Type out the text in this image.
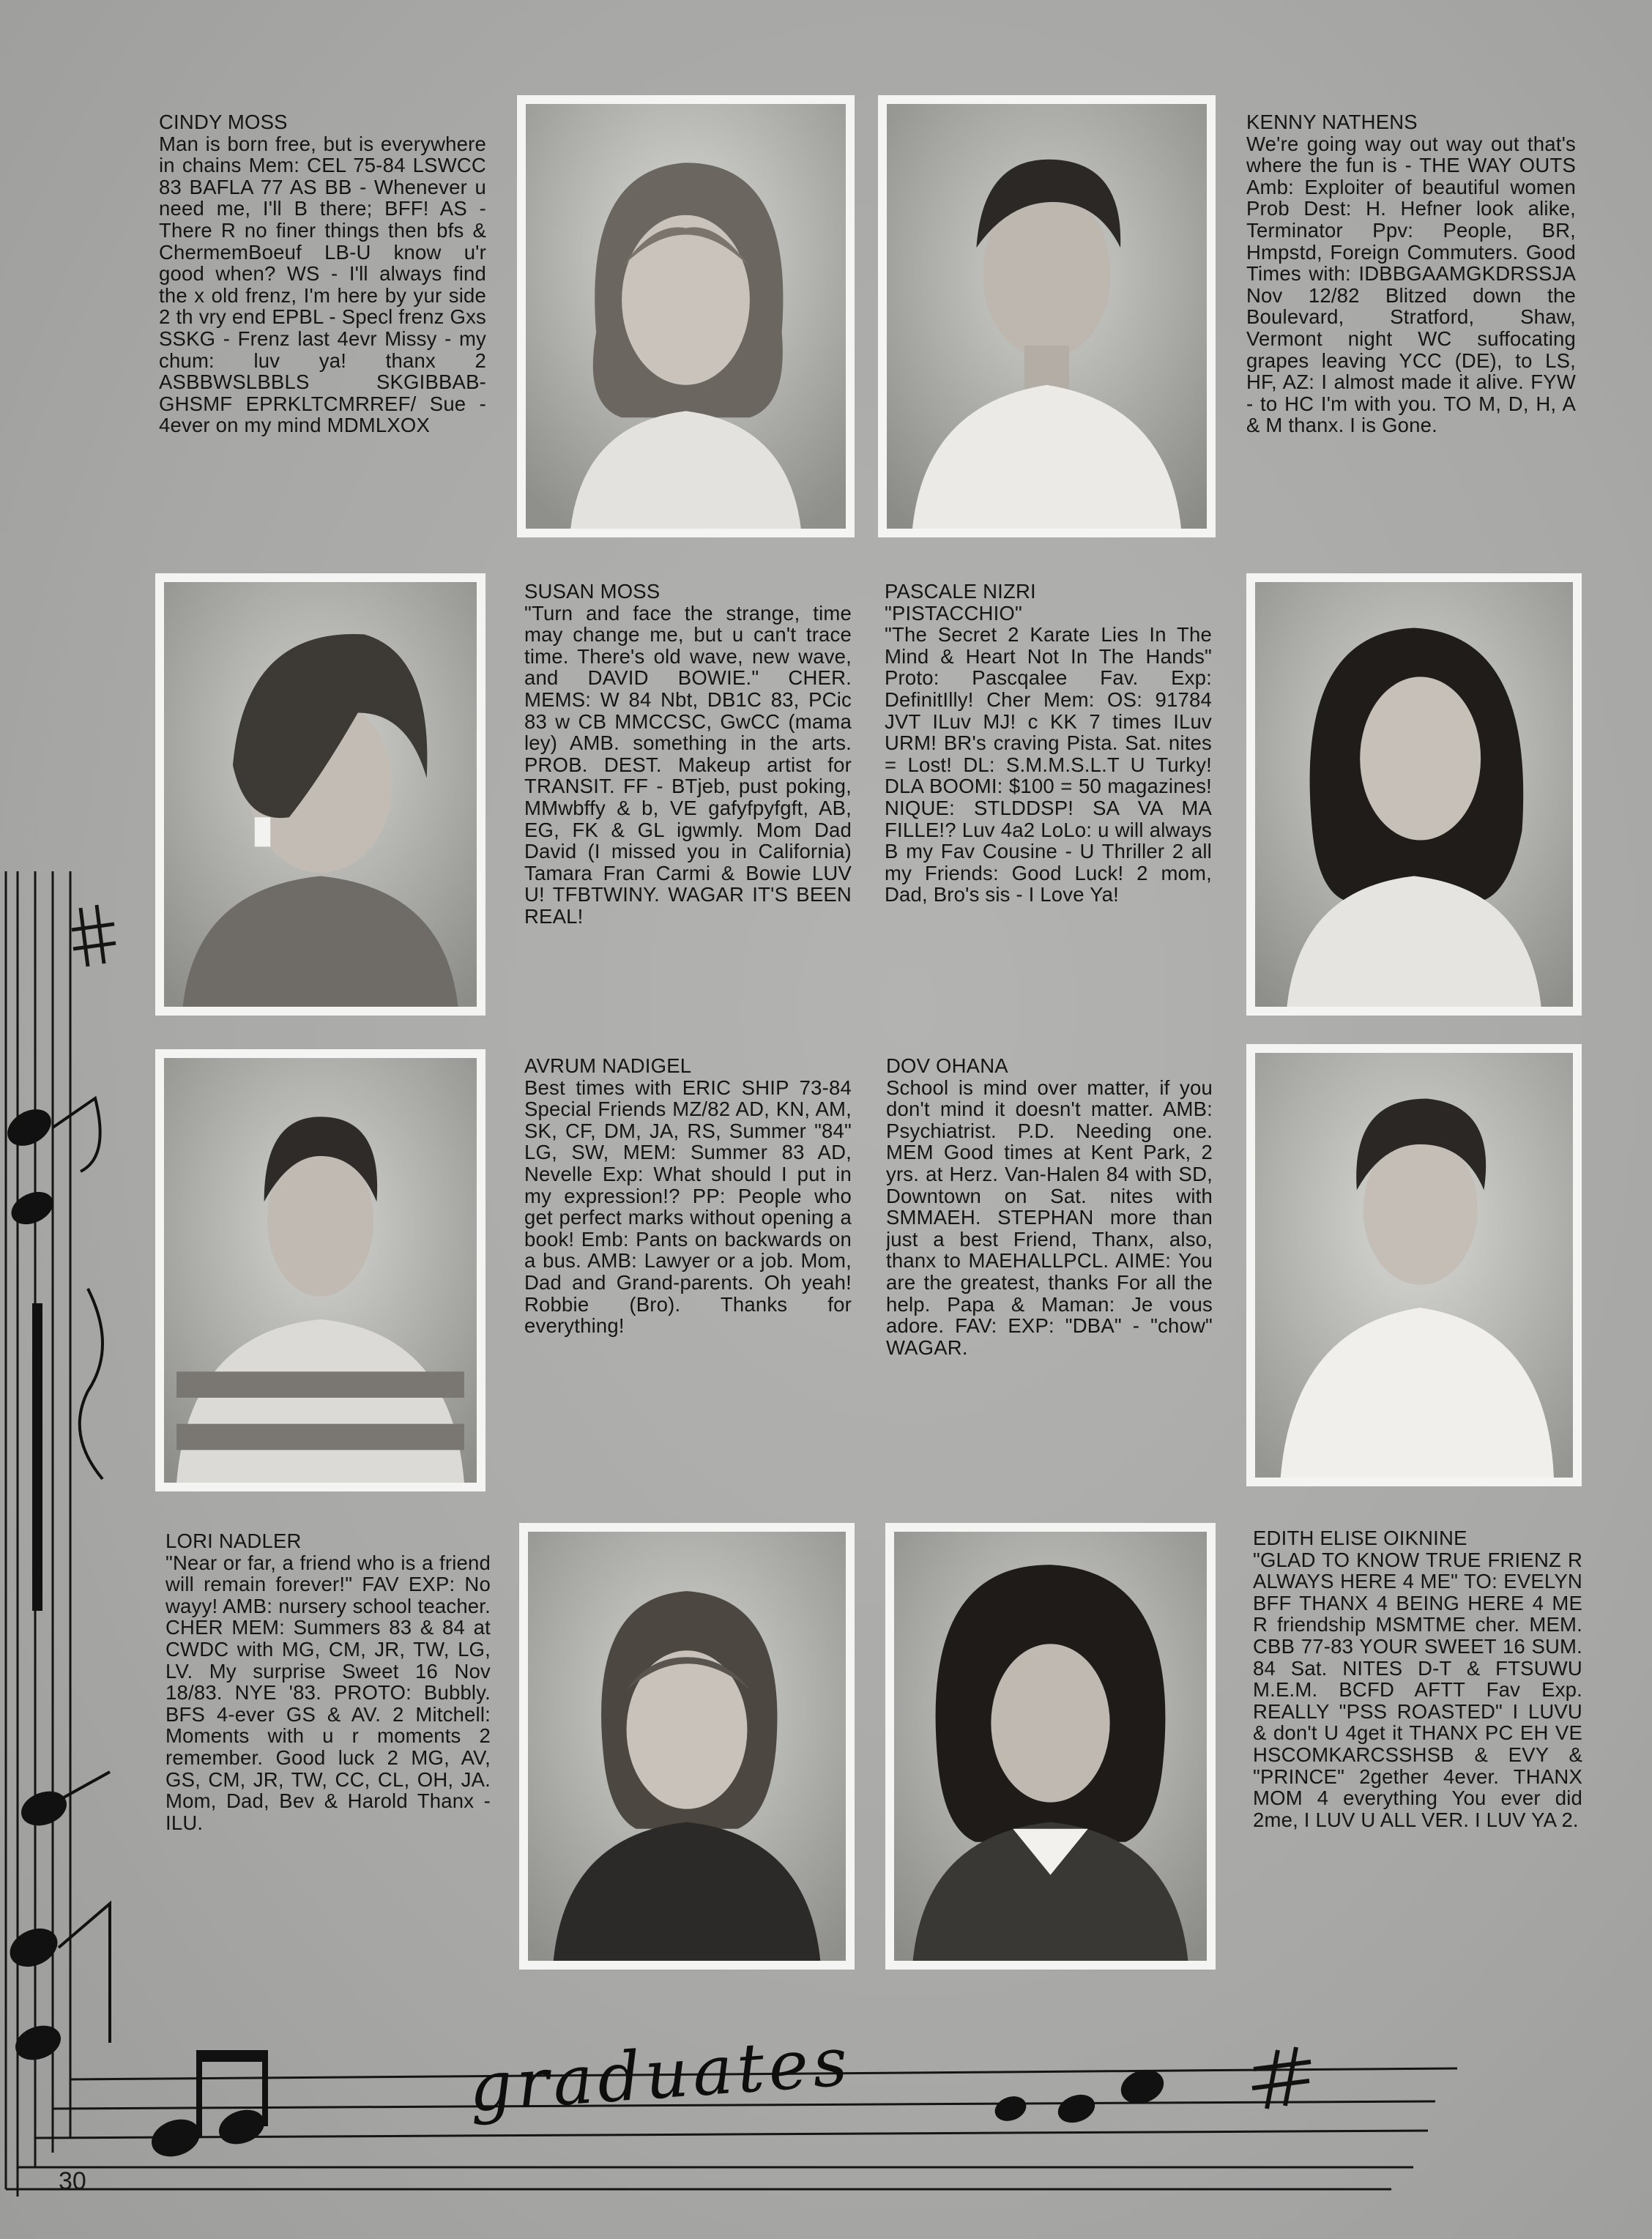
CINDY MOSS
Man is born free, but is everywhere in chains Mem: CEL 75-84 LSWCC 83 BAFLA 77 AS BB - Whenever u need me, I'll B there; BFF! AS - There R no finer things then bfs & ChermemBoeuf LB-U know u'r good when? WS - I'll always find the x old frenz, I'm here by yur side 2 th vry end EPBL - Specl frenz Gxs SSKG - Frenz last 4evr Missy - my chum: luv ya! thanx 2 ASBBWSLBBLS SKGIBBAB-GHSMF EPRKLTCMRREF/ Sue - 4ever on my mind MDMLXOX
KENNY NATHENS
We're going way out way out that's where the fun is - THE WAY OUTS Amb: Exploiter of beautiful women Prob Dest: H. Hefner look alike, Terminator Ppv: People, BR, Hmpstd, Foreign Commuters. Good Times with: IDBBGAAMGKDRSSJA Nov 12/82 Blitzed down the Boulevard, Stratford, Shaw, Vermont night WC suffocating grapes leaving YCC (DE), to LS, HF, AZ: I almost made it alive. FYW - to HC I'm with you. TO M, D, H, A & M thanx. I is Gone.
SUSAN MOSS
"Turn and face the strange, time may change me, but u can't trace time. There's old wave, new wave, and DAVID BOWIE." CHER. MEMS: W 84 Nbt, DB1C 83, PCic 83 w CB MMCCSC, GwCC (mama ley) AMB. something in the arts. PROB. DEST. Makeup artist for TRANSIT. FF - BTjeb, pust poking, MMwbffy & b, VE gafyfpyfgft, AB, EG, FK & GL igwmly. Mom Dad David (I missed you in California) Tamara Fran Carmi & Bowie LUV U! TFBTWINY. WAGAR IT'S BEEN REAL!
PASCALE NIZRI
"PISTACCHIO"
"The Secret 2 Karate Lies In The Mind & Heart Not In The Hands" Proto: Pascqalee Fav. Exp: DefinitIlly! Cher Mem: OS: 91784 JVT ILuv MJ! c KK 7 times ILuv URM! BR's craving Pista. Sat. nites = Lost! DL: S.M.M.S.L.T U Turky! DLA BOOMI: $100 = 50 magazines! NIQUE: STLDDSP! SA VA MA FILLE!? Luv 4a2 LoLo: u will always B my Fav Cousine - U Thriller 2 all my Friends: Good Luck! 2 mom, Dad, Bro's sis - I Love Ya!
AVRUM NADIGEL
Best times with ERIC SHIP 73-84 Special Friends MZ/82 AD, KN, AM, SK, CF, DM, JA, RS, Summer "84" LG, SW, MEM: Summer 83 AD, Nevelle Exp: What should I put in my expression!? PP: People who get perfect marks without opening a book! Emb: Pants on backwards on a bus. AMB: Lawyer or a job. Mom, Dad and Grand-parents. Oh yeah! Robbie (Bro). Thanks for everything!
DOV OHANA
School is mind over matter, if you don't mind it doesn't matter. AMB: Psychiatrist. P.D. Needing one. MEM Good times at Kent Park, 2 yrs. at Herz. Van-Halen 84 with SD, Downtown on Sat. nites with SMMAEH. STEPHAN more than just a best Friend, Thanx, also, thanx to MAEHALLPCL. AIME: You are the greatest, thanks For all the help. Papa & Maman: Je vous adore. FAV: EXP: "DBA" - "chow" WAGAR.
LORI NADLER
"Near or far, a friend who is a friend will remain forever!" FAV EXP: No wayy! AMB: nursery school teacher. CHER MEM: Summers 83 & 84 at CWDC with MG, CM, JR, TW, LG, LV. My surprise Sweet 16 Nov 18/83. NYE '83. PROTO: Bubbly. BFS 4-ever GS & AV. 2 Mitchell: Moments with u r moments 2 remember. Good luck 2 MG, AV, GS, CM, JR, TW, CC, CL, OH, JA. Mom, Dad, Bev & Harold Thanx - ILU.
EDITH ELISE OIKNINE
"GLAD TO KNOW TRUE FRIENZ R ALWAYS HERE 4 ME" TO: EVELYN BFF THANX 4 BEING HERE 4 ME R friendship MSMTME cher. MEM. CBB 77-83 YOUR SWEET 16 SUM. 84 Sat. NITES D-T & FTSUWU M.E.M. BCFD AFTT Fav Exp. REALLY "PSS ROASTED" I LUVU & don't U 4get it THANX PC EH VE HSCOMKARCSSHSB & EVY & "PRINCE" 2gether 4ever. THANX MOM 4 everything You ever did 2me, I LUV U ALL VER. I LUV YA 2.
graduates
30
